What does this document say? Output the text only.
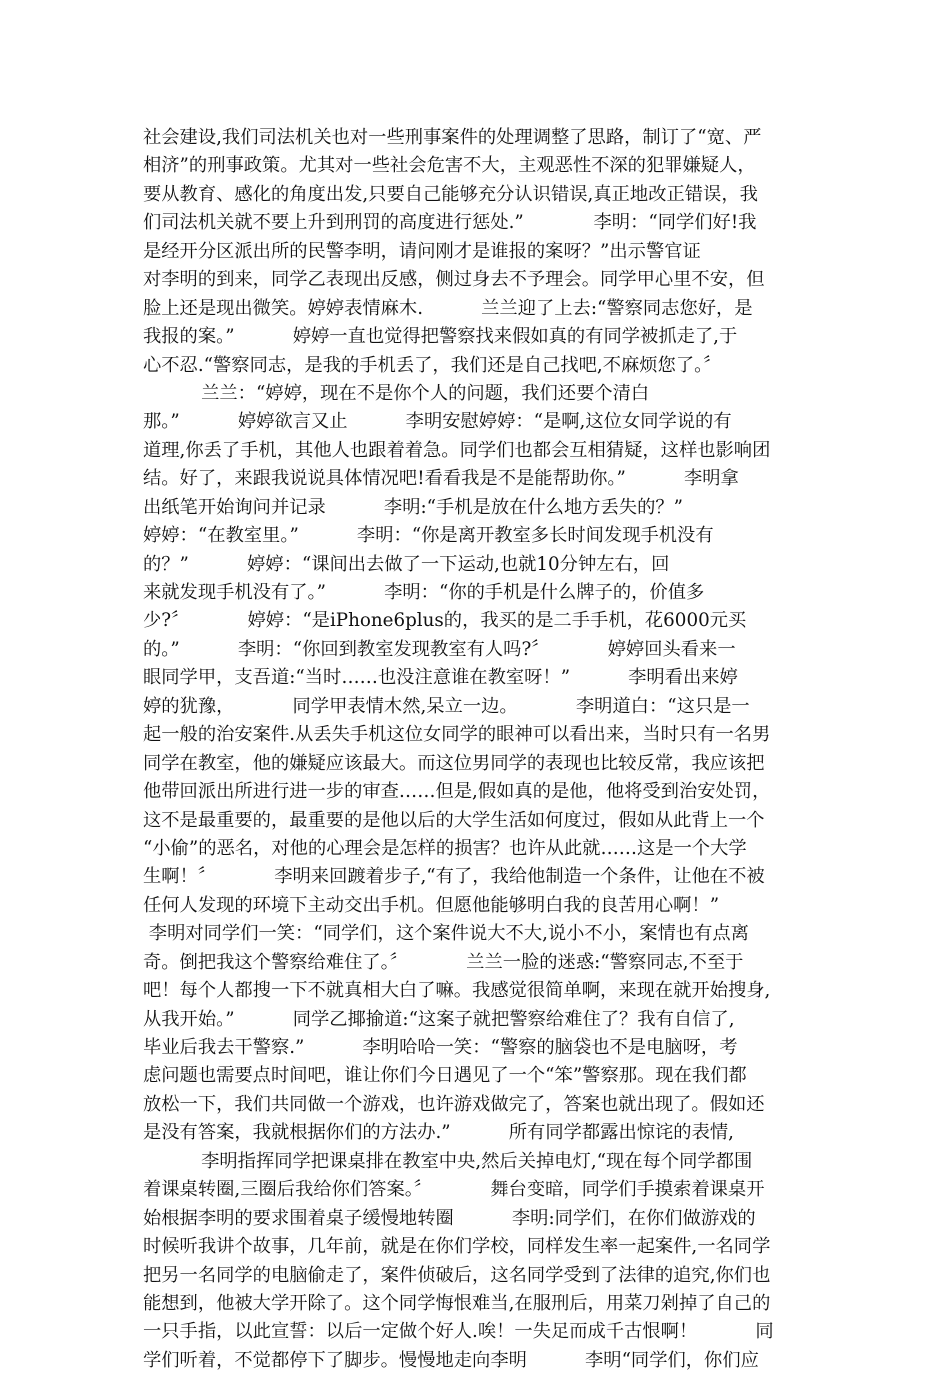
社会建设,我们司法机关也对一些刑事案件的处理调整了思路，制订了“宽、严
相济”的刑事政策。尤其对一些社会危害不大，主观恶性不深的犯罪嫌疑人，
要从教育、感化的角度出发,只要自己能够充分认识错误,真正地改正错误，我
们司法机关就不要上升到刑罚的高度进行惩处.”            李明：“同学们好!我
是经开分区派出所的民警李明，请问刚才是谁报的案呀？”出示警官证
对李明的到来，同学乙表现出反感，侧过身去不予理会。同学甲心里不安，但
脸上还是现出微笑。婷婷表情麻木.          兰兰迎了上去:“警察同志您好，是
我报的案。”          婷婷一直也觉得把警察找来假如真的有同学被抓走了,于
心不忍.“警察同志，是我的手机丢了，我们还是自己找吧,不麻烦您了。〞
兰兰：“婷婷，现在不是你个人的问题，我们还要个清白
那。”          婷婷欲言又止          李明安慰婷婷：“是啊,这位女同学说的有
道理,你丢了手机，其他人也跟着着急。同学们也都会互相猜疑，这样也影响团
结。好了，来跟我说说具体情况吧!看看我是不是能帮助你。”          李明拿
出纸笔开始询问并记录          李明:“手机是放在什么地方丢失的？”
婷婷：“在教室里。”          李明：“你是离开教室多长时间发现手机没有
的？”          婷婷：“课间出去做了一下运动,也就10分钟左右，回
来就发现手机没有了。”          李明：“你的手机是什么牌子的，价值多
少?〞          婷婷：“是iPhone6plus的，我买的是二手手机，花6000元买
的。”          李明：“你回到教室发现教室有人吗?〞          婷婷回头看来一
眼同学甲，支吾道:“当时……也没注意谁在教室呀！”          李明看出来婷
婷的犹豫，          同学甲表情木然,呆立一边。          李明道白：“这只是一
起一般的治安案件.从丢失手机这位女同学的眼神可以看出来，当时只有一名男
同学在教室，他的嫌疑应该最大。而这位男同学的表现也比较反常，我应该把
他带回派出所进行进一步的审查……但是,假如真的是他，他将受到治安处罚，
这不是最重要的，最重要的是他以后的大学生活如何度过，假如从此背上一个
“小偷”的恶名，对他的心理会是怎样的损害？也许从此就……这是一个大学
生啊！〞          李明来回踱着步子,“有了，我给他制造一个条件，让他在不被
任何人发现的环境下主动交出手机。但愿他能够明白我的良苦用心啊！”
李明对同学们一笑：“同学们，这个案件说大不大,说小不小，案情也有点离
奇。倒把我这个警察给难住了。〞          兰兰一脸的迷惑:“警察同志,不至于
吧！每个人都搜一下不就真相大白了嘛。我感觉很简单啊，来现在就开始搜身,
从我开始。”          同学乙揶揄道:“这案子就把警察给难住了？我有自信了,
毕业后我去干警察.”          李明哈哈一笑：“警察的脑袋也不是电脑呀，考
虑问题也需要点时间吧，谁让你们今日遇见了一个“笨”警察那。现在我们都
放松一下，我们共同做一个游戏，也许游戏做完了，答案也就出现了。假如还
是没有答案，我就根据你们的方法办.”          所有同学都露出惊诧的表情,
李明指挥同学把课桌排在教室中央,然后关掉电灯,“现在每个同学都围
着课桌转圈,三圈后我给你们答案。〞          舞台变暗，同学们手摸索着课桌开
始根据李明的要求围着桌子缓慢地转圈          李明:同学们，在你们做游戏的
时候听我讲个故事，几年前，就是在你们学校，同样发生率一起案件,一名同学
把另一名同学的电脑偷走了，案件侦破后，这名同学受到了法律的追究,你们也
能想到，他被大学开除了。这个同学悔恨难当,在服刑后，用菜刀剁掉了自己的
一只手指，以此宣誓：以后一定做个好人.唉！一失足而成千古恨啊！          同
学们听着，不觉都停下了脚步。慢慢地走向李明          李明“同学们，你们应
